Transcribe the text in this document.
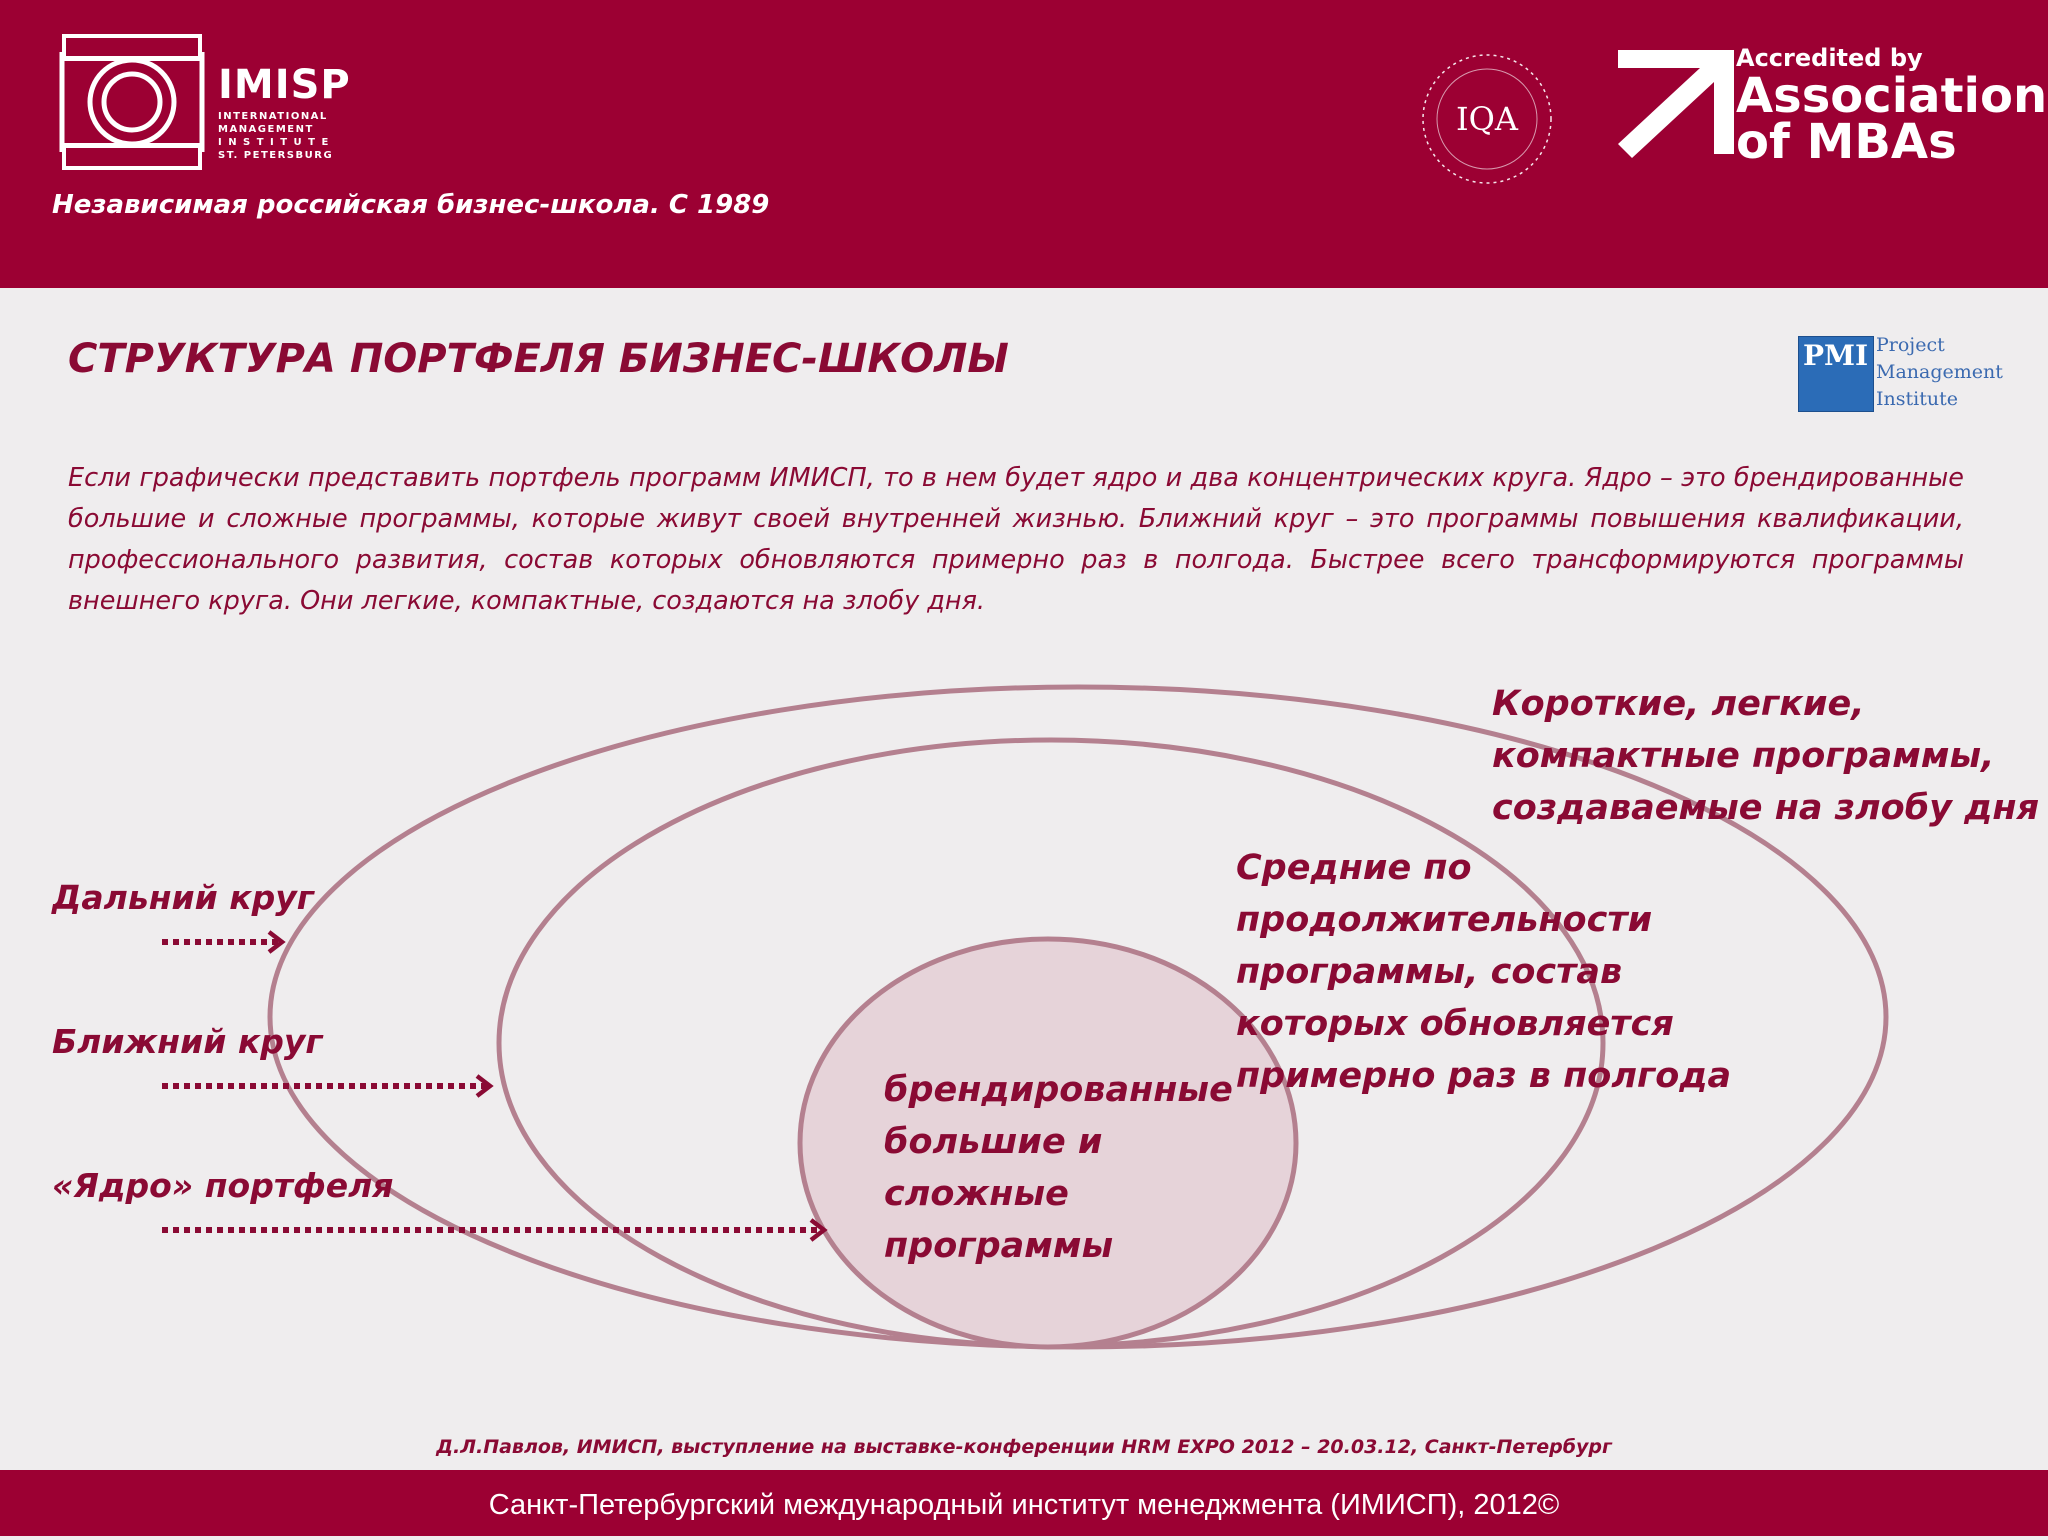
IMISP
INTERNATIONAL
MANAGEMENT
I N S T I T U T E
ST. PETERSBURG
Независимая российская бизнес-школа. С 1989
IQA
Accredited by
Association
of MBAs
СТРУКТУРА ПОРТФЕЛЯ БИЗНЕС-ШКОЛЫ	PMI Project
Management
Institute
Если графически представить портфель программ ИМИСП, то в нем будет ядро и два концентрических круга. Ядро – это брендированные большие и сложные программы, которые живут своей внутренней жизнью. Ближний круг – это программы повышения квалификации, профессионального развития, состав которых обновляются примерно раз в полгода. Быстрее всего трансформируются программы внешнего круга. Они легкие, компактные, создаются на злобу дня.
Дальний круг
Ближний круг
«Ядро» портфеля
Короткие, легкие,
компактные программы,
создаваемые на злобу дня
Средние по
продолжительности
программы, состав
которых обновляется
примерно раз в полгода
брендированные
большие и
сложные
программы
Д.Л.Павлов, ИМИСП, выступление на выставке-конференции HRM EXPO 2012 – 20.03.12, Санкт-Петербург
Санкт-Петербургский международный институт менеджмента (ИМИСП), 2012©
